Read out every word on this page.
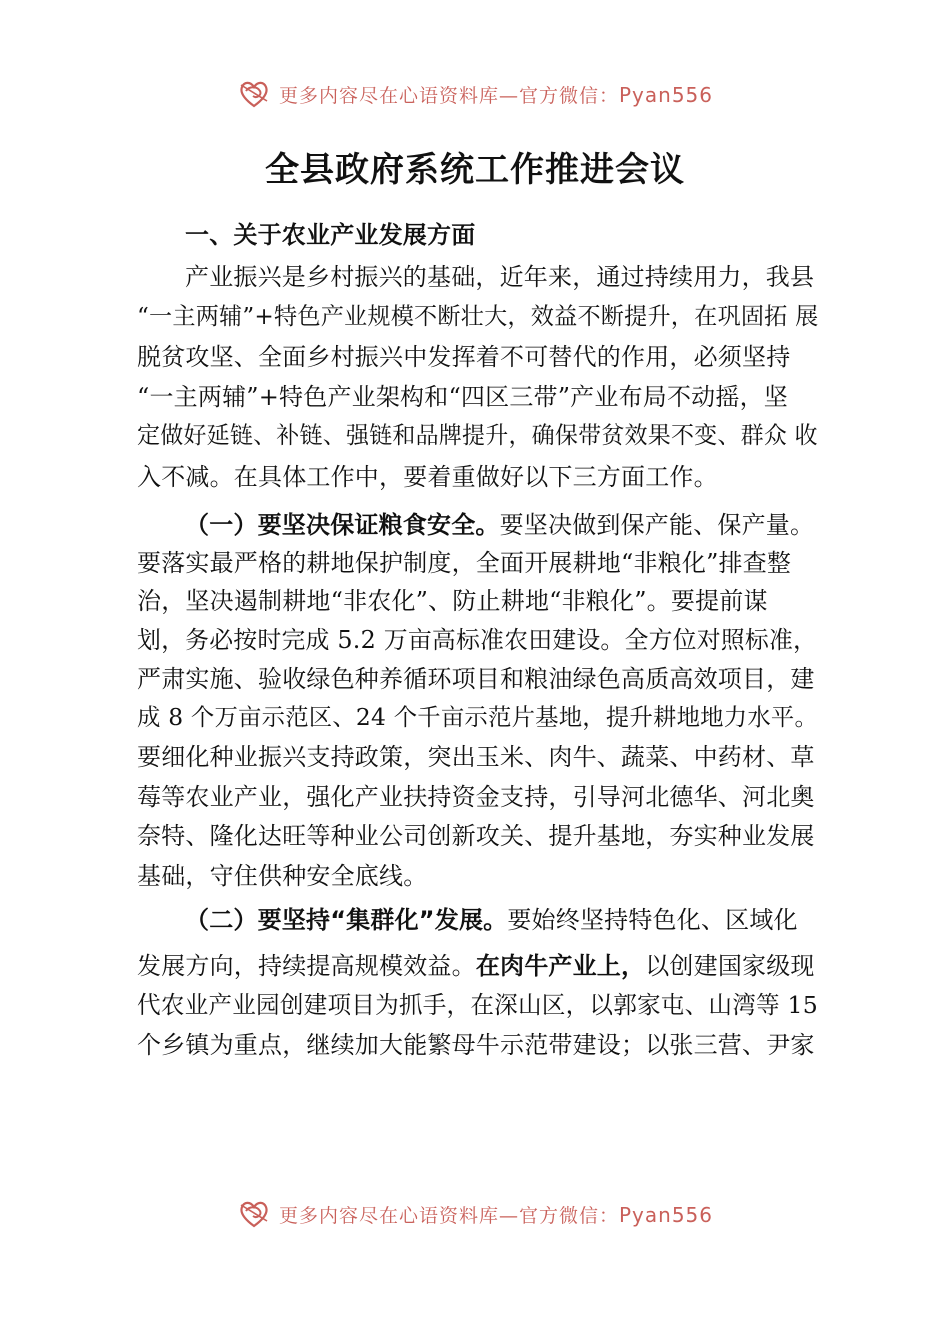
更多内容尽在心语资料库—官方微信：Pyan556
全县政府系统工作推进会议
一、关于农业产业发展方面
产业振兴是乡村振兴的基础，近年来，通过持续用力，我县
“一主两辅”+特色产业规模不断壮大，效益不断提升，在巩固拓 展
脱贫攻坚、全面乡村振兴中发挥着不可替代的作用，必须坚持
“一主两辅”+特色产业架构和“四区三带”产业布局不动摇，坚
定做好延链、补链、强链和品牌提升，确保带贫效果不变、群众 收
入不减。在具体工作中，要着重做好以下三方面工作。
（一）要坚决保证粮食安全。要坚决做到保产能、保产量。
要落实最严格的耕地保护制度，全面开展耕地“非粮化”排查整
治，坚决遏制耕地“非农化”、防止耕地“非粮化”。要提前谋
划，务必按时完成 5.2 万亩高标准农田建设。全方位对照标准，
严肃实施、验收绿色种养循环项目和粮油绿色高质高效项目，建
成 8 个万亩示范区、24 个千亩示范片基地，提升耕地地力水平。
要细化种业振兴支持政策，突出玉米、肉牛、蔬菜、中药材、草
莓等农业产业，强化产业扶持资金支持，引导河北德华、河北奥
奈特、隆化达旺等种业公司创新攻关、提升基地，夯实种业发展
基础，守住供种安全底线。
（二）要坚持“集群化”发展。要始终坚持特色化、区域化
发展方向，持续提高规模效益。在肉牛产业上，以创建国家级现
代农业产业园创建项目为抓手，在深山区，以郭家屯、山湾等 15
个乡镇为重点，继续加大能繁母牛示范带建设；以张三营、尹家
更多内容尽在心语资料库—官方微信：Pyan556
